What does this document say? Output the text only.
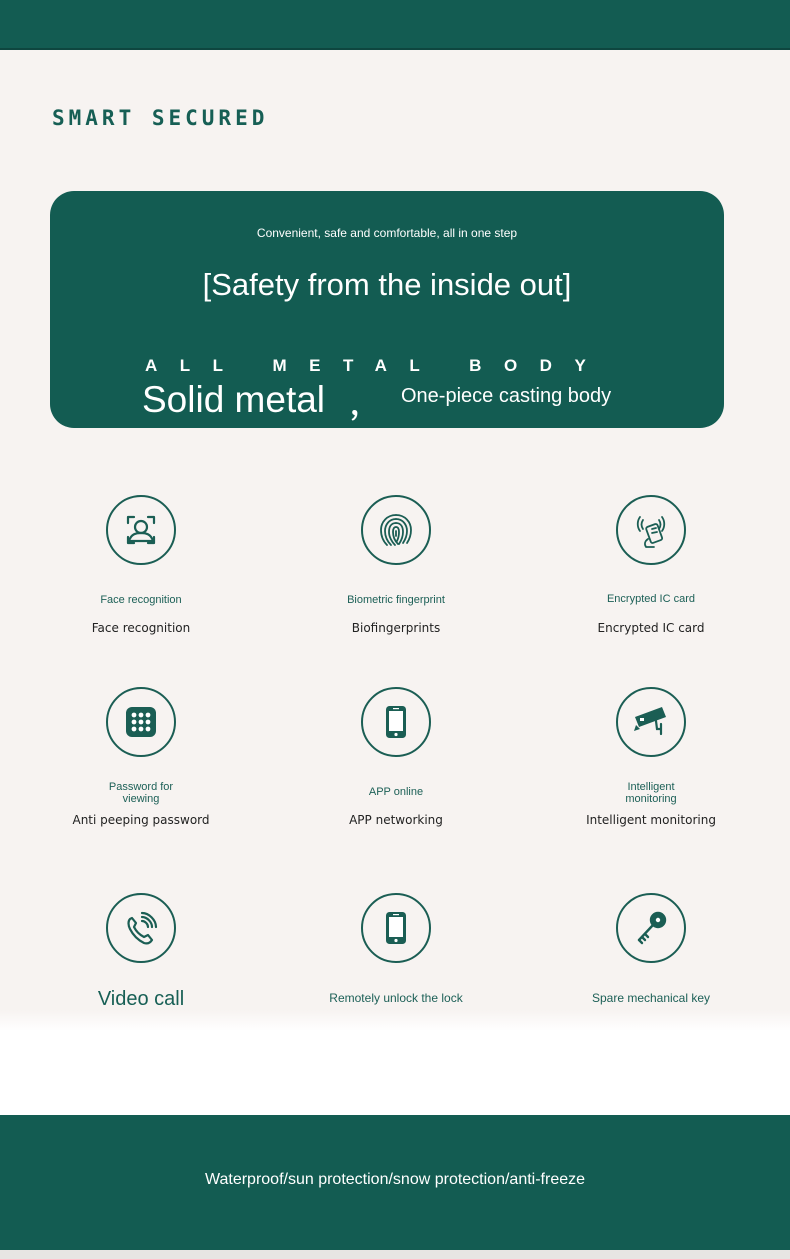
SMART SECURED
Convenient, safe and comfortable, all in one step
[Safety from the inside out]
ALL METAL BODY
Solid metal ， One-piece casting body
Face recognition
Face recognition
Biometric fingerprint
Biofingerprints
Encrypted IC card
Encrypted IC card
Password for viewing
Anti peeping password
APP online
APP networking
Intelligent monitoring
Intelligent monitoring
Video call	Remotely unlock the lock	Spare mechanical key
Waterproof/sun protection/snow protection/anti-freeze
